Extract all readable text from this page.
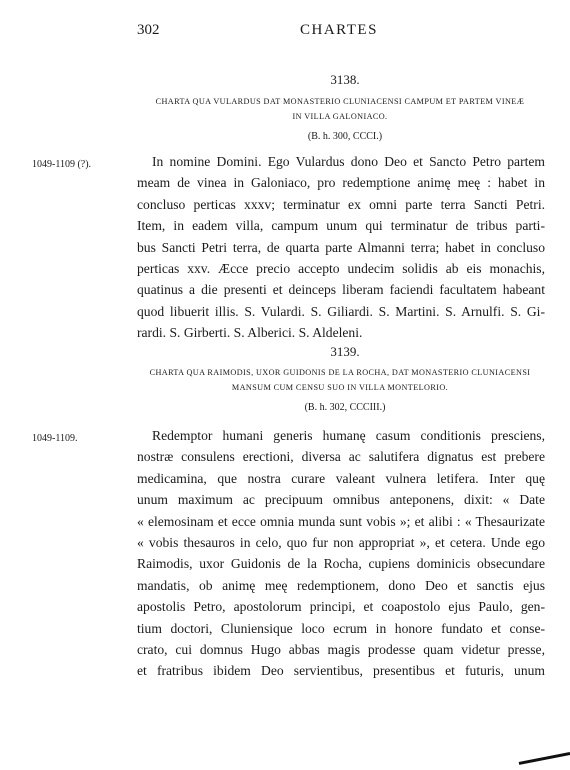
302	CHARTES
3138.
CHARTA QUA VULARDUS DAT MONASTERIO CLUNIACENSI CAMPUM ET PARTEM VINEÆ
IN VILLA GALONIACO.
(B. h. 300, CCCI.)
1049-1109 (?).	In nomine Domini. Ego Vulardus dono Deo et Sancto Petro partem
meam de vinea in Galoniaco, pro redemptione animę meę : habet in
concluso perticas xxxv; terminatur ex omni parte terra Sancti Petri.
Item, in eadem villa, campum unum qui terminatur de tribus parti-
bus Sancti Petri terra, de quarta parte Almanni terra; habet in concluso
perticas xxv. Æcce precio accepto undecim solidis ab eis monachis,
quatinus a die presenti et deinceps liberam faciendi facultatem habeant
quod libuerit illis. S. Vulardi. S. Giliardi. S. Martini. S. Arnulfi. S. Gi-
rardi. S. Girberti. S. Alberici. S. Aldeleni.
3139.
CHARTA QUA RAIMODIS, UXOR GUIDONIS DE LA ROCHA, DAT MONASTERIO CLUNIACENSI
MANSUM CUM CENSU SUO IN VILLA MONTELORIO.
(B. h. 302, CCCIII.)
1049-1109.	Redemptor humani generis humanę casum conditionis presciens,
nostræ consulens erectioni, diversa ac salutifera dignatus est prebere
medicamina, que nostra curare valeant vulnera letifera. Inter quę
unum maximum ac precipuum omnibus anteponens, dixit: « Date
« elemosinam et ecce omnia munda sunt vobis »; et alibi : « Thesaurizate
« vobis thesauros in celo, quo fur non appropriat », et cetera. Unde ego
Raimodis, uxor Guidonis de la Rocha, cupiens dominicis obsecundare
mandatis, ob animę meę redemptionem, dono Deo et sanctis ejus
apostolis Petro, apostolorum principi, et coapostolo ejus Paulo, gen-
tium doctori, Cluniensique loco ecrum in honore fundato et conse-
crato, cui domnus Hugo abbas magis prodesse quam videtur presse,
et fratribus ibidem Deo servientibus, presentibus et futuris, unum
